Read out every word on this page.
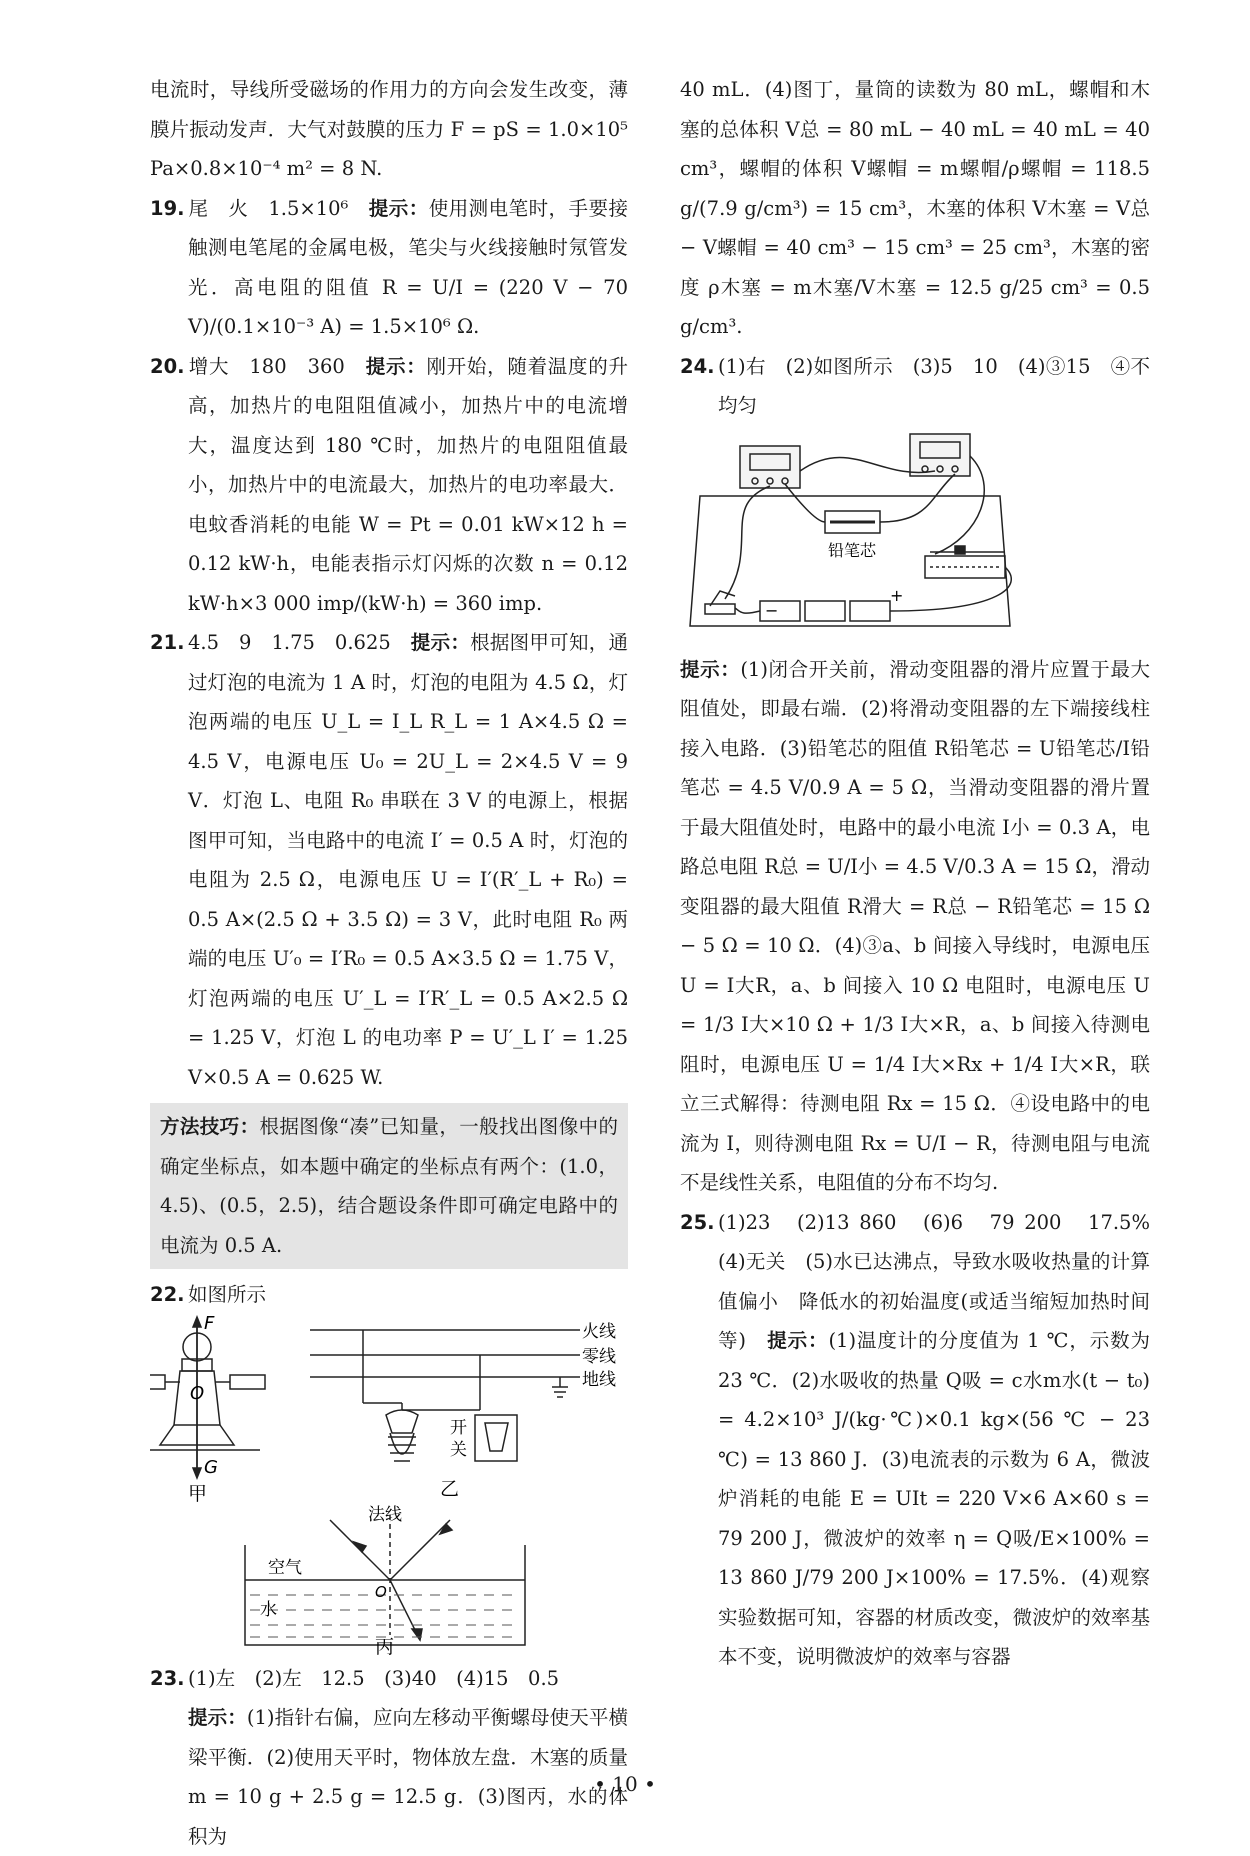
电流时，导线所受磁场的作用力的方向会发生改变，薄膜片振动发声．大气对鼓膜的压力 F = pS = 1.0×10⁵ Pa×0.8×10⁻⁴ m² = 8 N.

19. 尾　火　1.5×10⁶　提示：使用测电笔时，手要接触测电笔尾的金属电极，笔尖与火线接触时氖管发光．高电阻的阻值 R = U/I = (220 V − 70 V)/(0.1×10⁻³ A) = 1.5×10⁶ Ω.

20. 增大　180　360　提示：刚开始，随着温度的升高，加热片的电阻阻值减小，加热片中的电流增大，温度达到 180 ℃时，加热片的电阻阻值最小，加热片中的电流最大，加热片的电功率最大．电蚊香消耗的电能 W = Pt = 0.01 kW×12 h = 0.12 kW·h，电能表指示灯闪烁的次数 n = 0.12 kW·h×3 000 imp/(kW·h) = 360 imp.

21. 4.5　9　1.75　0.625　提示：根据图甲可知，通过灯泡的电流为 1 A 时，灯泡的电阻为 4.5 Ω，灯泡两端的电压 U_L = I_L R_L = 1 A×4.5 Ω = 4.5 V，电源电压 U₀ = 2U_L = 2×4.5 V = 9 V．灯泡 L、电阻 R₀ 串联在 3 V 的电源上，根据图甲可知，当电路中的电流 I′ = 0.5 A 时，灯泡的电阻为 2.5 Ω，电源电压 U = I′(R′_L + R₀) = 0.5 A×(2.5 Ω + 3.5 Ω) = 3 V，此时电阻 R₀ 两端的电压 U′₀ = I′R₀ = 0.5 A×3.5 Ω = 1.75 V，灯泡两端的电压 U′_L = I′R′_L = 0.5 A×2.5 Ω = 1.25 V，灯泡 L 的电功率 P = U′_L I′ = 1.25 V×0.5 A = 0.625 W.

方法技巧：根据图像“凑”已知量，一般找出图像中的确定坐标点，如本题中确定的坐标点有两个：(1.0，4.5)、(0.5，2.5)，结合题设条件即可确定电路中的电流为 0.5 A.

22. 如图所示

F
O
G
甲
火线
零线
地线
开
关
乙
法线
空气
水
O
丙

23. (1)左　(2)左　12.5　(3)40　(4)15　0.5
提示：(1)指针右偏，应向左移动平衡螺母使天平横梁平衡．(2)使用天平时，物体放左盘．木塞的质量 m = 10 g + 2.5 g = 12.5 g．(3)图丙，水的体积为

40 mL．(4)图丁，量筒的读数为 80 mL，螺帽和木塞的总体积 V总 = 80 mL − 40 mL = 40 mL = 40 cm³，螺帽的体积 V螺帽 = m螺帽/ρ螺帽 = 118.5 g/(7.9 g/cm³) = 15 cm³，木塞的体积 V木塞 = V总 − V螺帽 = 40 cm³ − 15 cm³ = 25 cm³，木塞的密度 ρ木塞 = m木塞/V木塞 = 12.5 g/25 cm³ = 0.5 g/cm³.

24. (1)右　(2)如图所示　(3)5　10　(4)③15　④不均匀

−
+
铅笔芯

提示：(1)闭合开关前，滑动变阻器的滑片应置于最大阻值处，即最右端．(2)将滑动变阻器的左下端接线柱接入电路．(3)铅笔芯的阻值 R铅笔芯 = U铅笔芯/I铅笔芯 = 4.5 V/0.9 A = 5 Ω，当滑动变阻器的滑片置于最大阻值处时，电路中的最小电流 I小 = 0.3 A，电路总电阻 R总 = U/I小 = 4.5 V/0.3 A = 15 Ω，滑动变阻器的最大阻值 R滑大 = R总 − R铅笔芯 = 15 Ω − 5 Ω = 10 Ω．(4)③a、b 间接入导线时，电源电压 U = I大R，a、b 间接入 10 Ω 电阻时，电源电压 U = 1/3 I大×10 Ω + 1/3 I大×R，a、b 间接入待测电阻时，电源电压 U = 1/4 I大×Rx + 1/4 I大×R，联立三式解得：待测电阻 Rx = 15 Ω．④设电路中的电流为 I，则待测电阻 Rx = U/I − R，待测电阻与电流不是线性关系，电阻值的分布不均匀.

25. (1)23　(2)13 860　(6)6　79 200　17.5%　(4)无关　(5)水已达沸点，导致水吸收热量的计算值偏小　降低水的初始温度(或适当缩短加热时间等)　提示：(1)温度计的分度值为 1 ℃，示数为 23 ℃．(2)水吸收的热量 Q吸 = c水m水(t − t₀) = 4.2×10³ J/(kg·℃)×0.1 kg×(56 ℃ − 23 ℃) = 13 860 J．(3)电流表的示数为 6 A，微波炉消耗的电能 E = UIt = 220 V×6 A×60 s = 79 200 J，微波炉的效率 η = Q吸/E×100% = 13 860 J/79 200 J×100% = 17.5%．(4)观察实验数据可知，容器的材质改变，微波炉的效率基本不变，说明微波炉的效率与容器

• 10 •
